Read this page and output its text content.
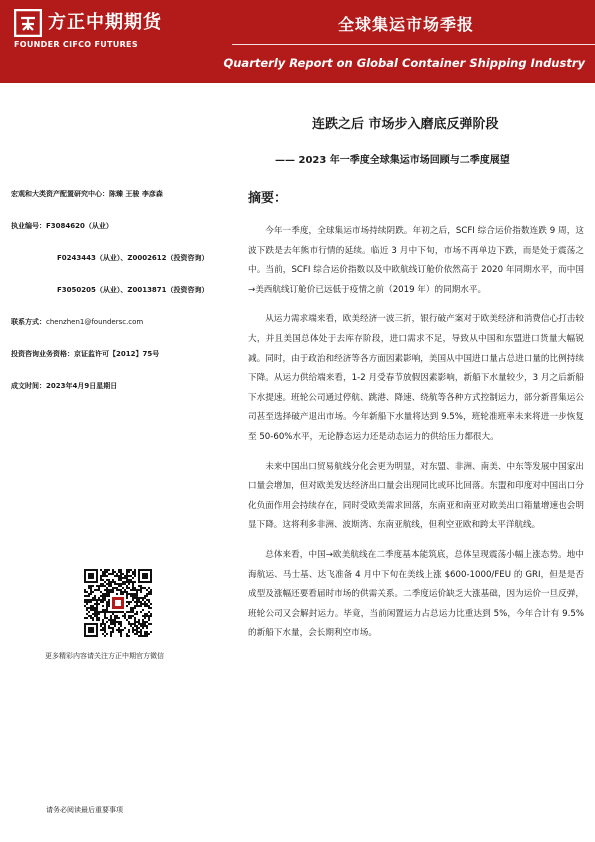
方正中期期货
FOUNDER CIFCO FUTURES
全球集运市场季报
Quarterly Report on Global Container Shipping Industry
连跌之后 市场步入磨底反弹阶段
—— 2023 年一季度全球集运市场回顾与二季度展望
宏观和大类资产配置研究中心：陈臻 王骏 李彦森
执业编号：F3084620（从业）
F0243443（从业）、Z0002612（投资咨询）
F3050205（从业）、Z0013871（投资咨询）
联系方式：chenzhen1@foundersc.com
投资咨询业务资格：京证监许可【2012】75号
成文时间：2023年4月9日星期日
更多精彩内容请关注方正中期官方微信
请务必阅读最后重要事项
摘要：

今年一季度，全球集运市场持续阴跌。年初之后，SCFI 综合运价指数连跌 9 周，这波下跌是去年熊市行情的延续。临近 3 月中下旬，市场不再单边下跌，而是处于震荡之中。当前，SCFI 综合运价指数以及中欧航线订舱价依然高于 2020 年同期水平，而中国→美西航线订舱价已远低于疫情之前（2019 年）的同期水平。

从运力需求端来看，欧美经济一波三折，银行破产案对于欧美经济和消费信心打击较大，并且美国总体处于去库存阶段，进口需求不足，导致从中国和东盟进口货量大幅锐减。同时，由于政治和经济等各方面因素影响，美国从中国进口量占总进口量的比例持续下降。从运力供给端来看，1-2 月受春节放假因素影响，新船下水量较少，3 月之后新船下水提速。班轮公司通过停航、跳港、降速、绕航等各种方式控制运力，部分新晋集运公司甚至选择破产退出市场。今年新船下水量将达到 9.5%，班轮准班率未来将进一步恢复至 50-60%水平，无论静态运力还是动态运力的供给压力都很大。

未来中国出口贸易航线分化会更为明显，对东盟、非洲、南美、中东等发展中国家出口量会增加，但对欧美发达经济出口量会出现同比或环比回落。东盟和印度对中国出口分化负面作用会持续存在，同时受欧美需求回落，东南亚和南亚对欧美出口箱量增速也会明显下降。这将利多非洲、波斯湾、东南亚航线，但利空亚欧和跨太平洋航线。

总体来看，中国→欧美航线在二季度基本能筑底，总体呈现震荡小幅上涨态势。地中海航运、马士基、达飞准备 4 月中下旬在美线上涨 $600-1000/FEU 的 GRI，但是是否成型及涨幅还要看届时市场的供需关系。二季度运价缺乏大涨基础，因为运价一旦反弹，班轮公司又会解封运力。毕竟，当前闲置运力占总运力比重达到 5%，今年合计有 9.5%的新船下水量，会长期利空市场。
